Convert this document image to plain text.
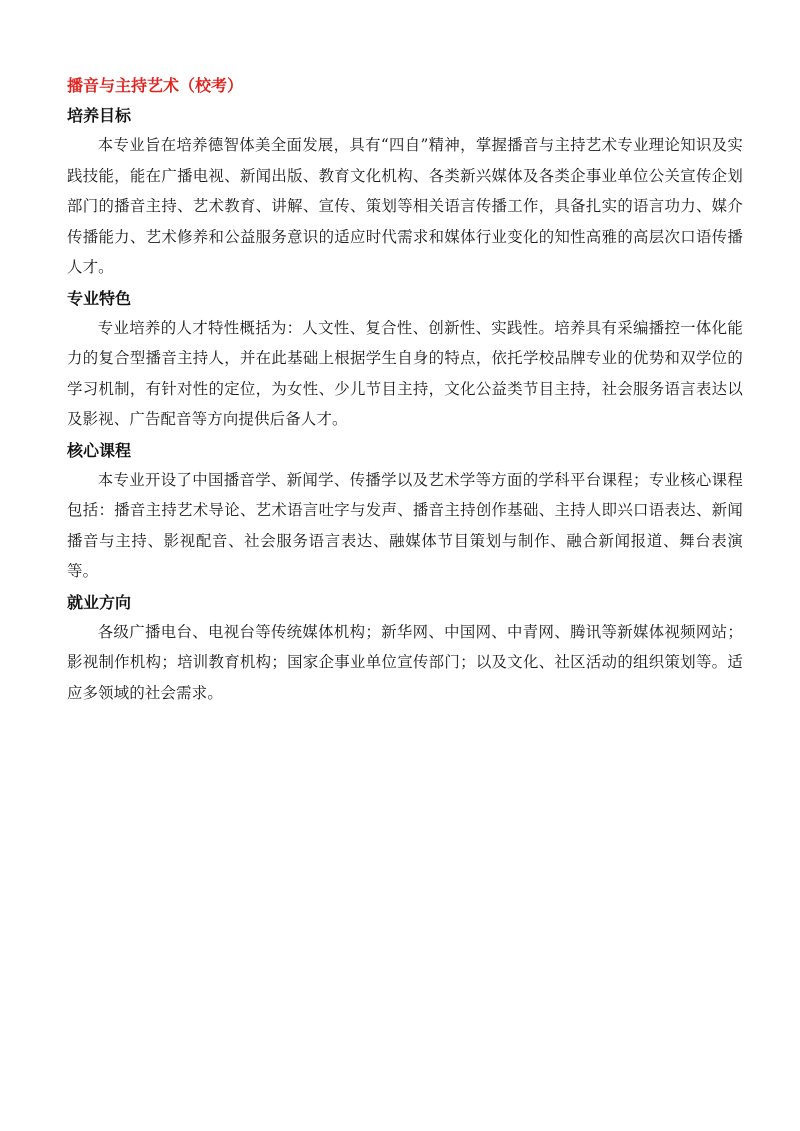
播音与主持艺术（校考）
培养目标

本专业旨在培养德智体美全面发展，具有“四自”精神，掌握播音与主持艺术专业理论知识及实践技能，能在广播电视、新闻出版、教育文化机构、各类新兴媒体及各类企事业单位公关宣传企划部门的播音主持、艺术教育、讲解、宣传、策划等相关语言传播工作，具备扎实的语言功力、媒介传播能力、艺术修养和公益服务意识的适应时代需求和媒体行业变化的知性高雅的高层次口语传播人才。

专业特色

专业培养的人才特性概括为：人文性、复合性、创新性、实践性。培养具有采编播控一体化能力的复合型播音主持人，并在此基础上根据学生自身的特点，依托学校品牌专业的优势和双学位的学习机制，有针对性的定位，为女性、少儿节目主持，文化公益类节目主持，社会服务语言表达以及影视、广告配音等方向提供后备人才。

核心课程

本专业开设了中国播音学、新闻学、传播学以及艺术学等方面的学科平台课程；专业核心课程包括：播音主持艺术导论、艺术语言吐字与发声、播音主持创作基础、主持人即兴口语表达、新闻播音与主持、影视配音、社会服务语言表达、融媒体节目策划与制作、融合新闻报道、舞台表演等。

就业方向

各级广播电台、电视台等传统媒体机构；新华网、中国网、中青网、腾讯等新媒体视频网站；影视制作机构；培训教育机构；国家企事业单位宣传部门；以及文化、社区活动的组织策划等。适应多领域的社会需求。
